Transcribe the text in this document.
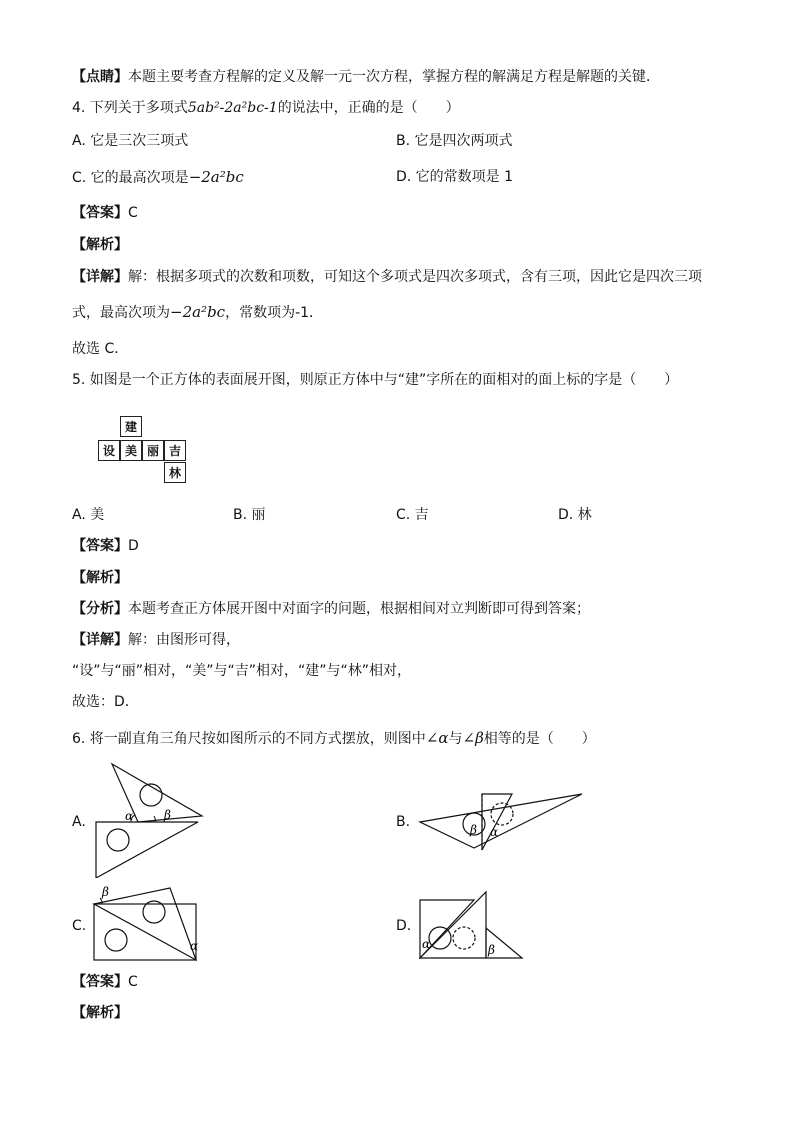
【点睛】本题主要考查方程解的定义及解一元一次方程，掌握方程的解满足方程是解题的关键．
4. 下列关于多项式5ab²-2a²bc-1的说法中，正确的是（　　）
A. 它是三次三项式	B. 它是四次两项式
C. 它的最高次项是−2a²bc	D. 它的常数项是 1
【答案】C
【解析】
【详解】解：根据多项式的次数和项数，可知这个多项式是四次多项式，含有三项，因此它是四次三项
式，最高次项为−2a²bc，常数项为-1．
故选 C．
5. 如图是一个正方体的表面展开图，则原正方体中与“建”字所在的面相对的面上标的字是（　　）
建
设 美 丽 吉
林
A. 美	B. 丽	C. 吉	D. 林
【答案】D
【解析】
【分析】本题考查正方体展开图中对面字的问题，根据相间对立判断即可得到答案；
【详解】解：由图形可得，
“设”与“丽”相对，“美”与“吉”相对，“建”与“林”相对，
故选：D．
6. 将一副直角三角尺按如图所示的不同方式摆放，则图中∠α与∠β相等的是（　　）
A.	α	β	B.	β α
C.
β
α
D.
α	β
【答案】C
【解析】
